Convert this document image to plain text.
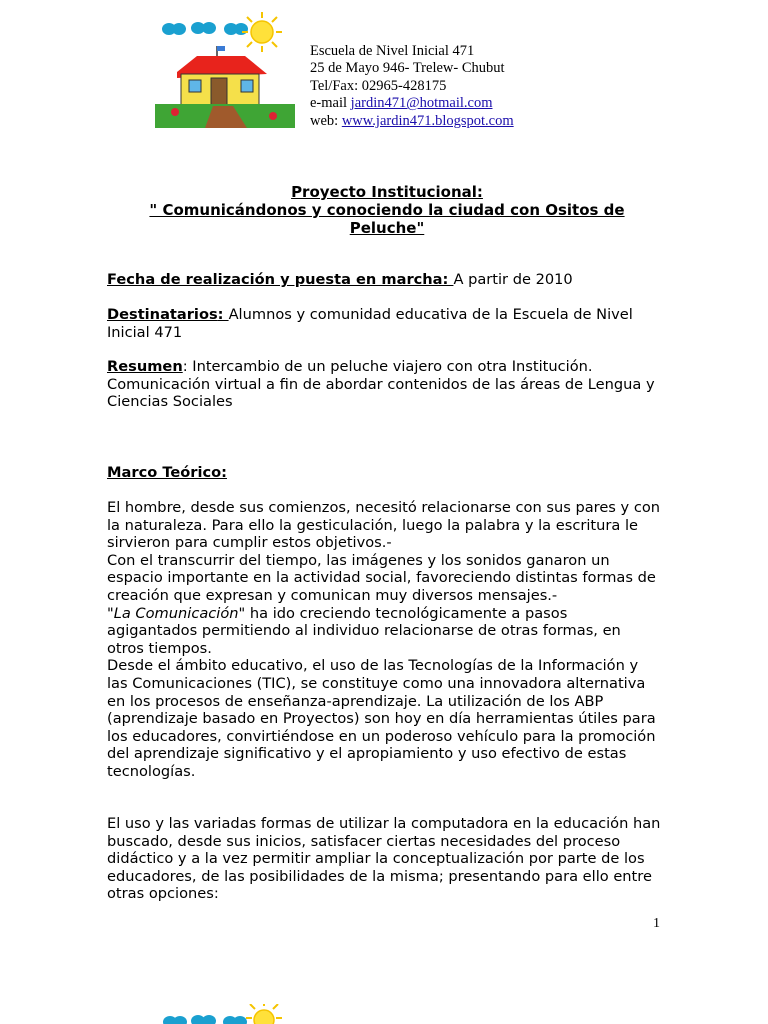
Escuela de Nivel Inicial 471
25 de Mayo 946- Trelew- Chubut
Tel/Fax: 02965-428175
e-mail jardin471@hotmail.com
web: www.jardin471.blogspot.com
Proyecto Institucional:
" Comunicándonos y conociendo la ciudad con Ositos de
Peluche"
Fecha de realización y puesta en marcha: A partir de 2010
Destinatarios: Alumnos y comunidad educativa de la Escuela de Nivel Inicial 471
Resumen: Intercambio de un peluche viajero con otra Institución. Comunicación virtual a fin de abordar contenidos de las áreas de Lengua y Ciencias Sociales
Marco Teórico:

El hombre, desde sus comienzos, necesitó relacionarse con sus pares y con la naturaleza. Para ello la gesticulación, luego la palabra y la escritura le sirvieron para cumplir estos objetivos.-

Con el transcurrir del tiempo, las imágenes y los sonidos ganaron un espacio importante en la actividad social, favoreciendo distintas formas de creación que expresan y comunican muy diversos mensajes.-

"La Comunicación" ha ido creciendo tecnológicamente a pasos agigantados permitiendo al individuo relacionarse de otras formas, en otros tiempos.

Desde el ámbito educativo, el uso de las Tecnologías de la Información y las Comunicaciones (TIC), se constituye como una innovadora alternativa en los procesos de enseñanza-aprendizaje. La utilización de los ABP (aprendizaje basado en Proyectos) son hoy en día herramientas útiles para los educadores, convirtiéndose en un poderoso vehículo para la promoción del aprendizaje significativo y el apropiamiento y uso efectivo de estas tecnologías.

El uso y las variadas formas de utilizar la computadora en la educación han buscado, desde sus inicios, satisfacer ciertas necesidades del proceso didáctico y a la vez permitir ampliar la conceptualización por parte de los educadores, de las posibilidades de la misma; presentando para ello entre otras opciones:

1
